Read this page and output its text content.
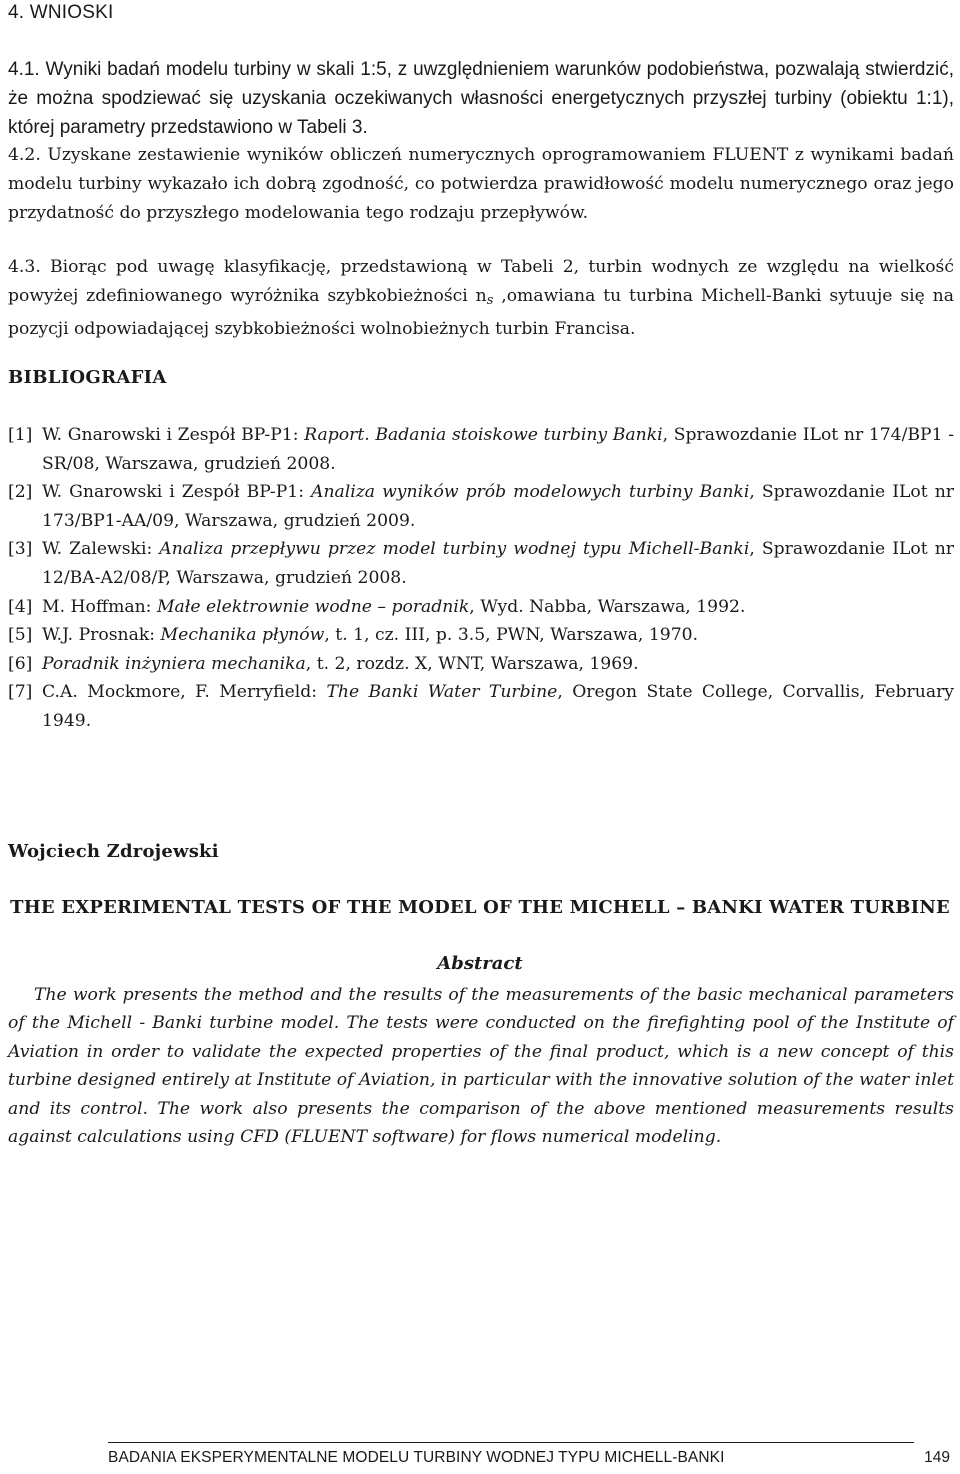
4. WNIOSKI

4.1. Wyniki badań modelu turbiny w skali 1:5, z uwzględnieniem warunków podobieństwa, pozwalają stwierdzić, że można spodziewać się uzyskania oczekiwanych własności energetycznych przyszłej turbiny (obiektu 1:1), której parametry przedstawiono w Tabeli 3.

4.2. Uzyskane zestawienie wyników obliczeń numerycznych oprogramowaniem FLUENT z wynikami badań modelu turbiny wykazało ich dobrą zgodność, co potwierdza prawidłowość modelu numerycznego oraz jego przydatność do przyszłego modelowania tego rodzaju przepływów.

4.3. Biorąc pod uwagę klasyfikację, przedstawioną w Tabeli 2, turbin wodnych ze względu na wielkość powyżej zdefiniowanego wyróżnika szybkobieżności $n_s$ ,omawiana tu turbina Michell-Banki sytuuje się na pozycji odpowiadającej szybkobieżności wolnobieżnych turbin Francisa.

BIBLIOGRAFIA
[1] W. Gnarowski i Zespół BP-P1: Raport. Badania stoiskowe turbiny Banki, Sprawozdanie ILot nr 174/BP1 - SR/08, Warszawa, grudzień 2008.
[2] W. Gnarowski i Zespół BP-P1: Analiza wyników prób modelowych turbiny Banki, Sprawozdanie ILot nr 173/BP1-AA/09, Warszawa, grudzień 2009.
[3] W. Zalewski: Analiza przepływu przez model turbiny wodnej typu Michell-Banki, Sprawozdanie ILot nr 12/BA-A2/08/P, Warszawa, grudzień 2008.
[4] M. Hoffman: Małe elektrownie wodne – poradnik, Wyd. Nabba, Warszawa, 1992.
[5] W.J. Prosnak: Mechanika płynów, t. 1, cz. III, p. 3.5, PWN, Warszawa, 1970.
[6] Poradnik inżyniera mechanika, t. 2, rozdz. X, WNT, Warszawa, 1969.
[7] C.A. Mockmore, F. Merryfield: The Banki Water Turbine, Oregon State College, Corvallis, February 1949.

Wojciech Zdrojewski

THE EXPERIMENTAL TESTS OF THE MODEL OF THE MICHELL – BANKI WATER TURBINE

Abstract

The work presents the method and the results of the measurements of the basic mechanical parameters of the Michell - Banki turbine model. The tests were conducted on the firefighting pool of the Institute of Aviation in order to validate the expected properties of the final product, which is a new concept of this turbine designed entirely at Institute of Aviation, in particular with the innovative solution of the water inlet and its control. The work also presents the comparison of the above mentioned measurements results against calculations using CFD (FLUENT software) for flows numerical modeling.

BADANIA EKSPERYMENTALNE MODELU TURBINY WODNEJ TYPU MICHELL-BANKI	149
